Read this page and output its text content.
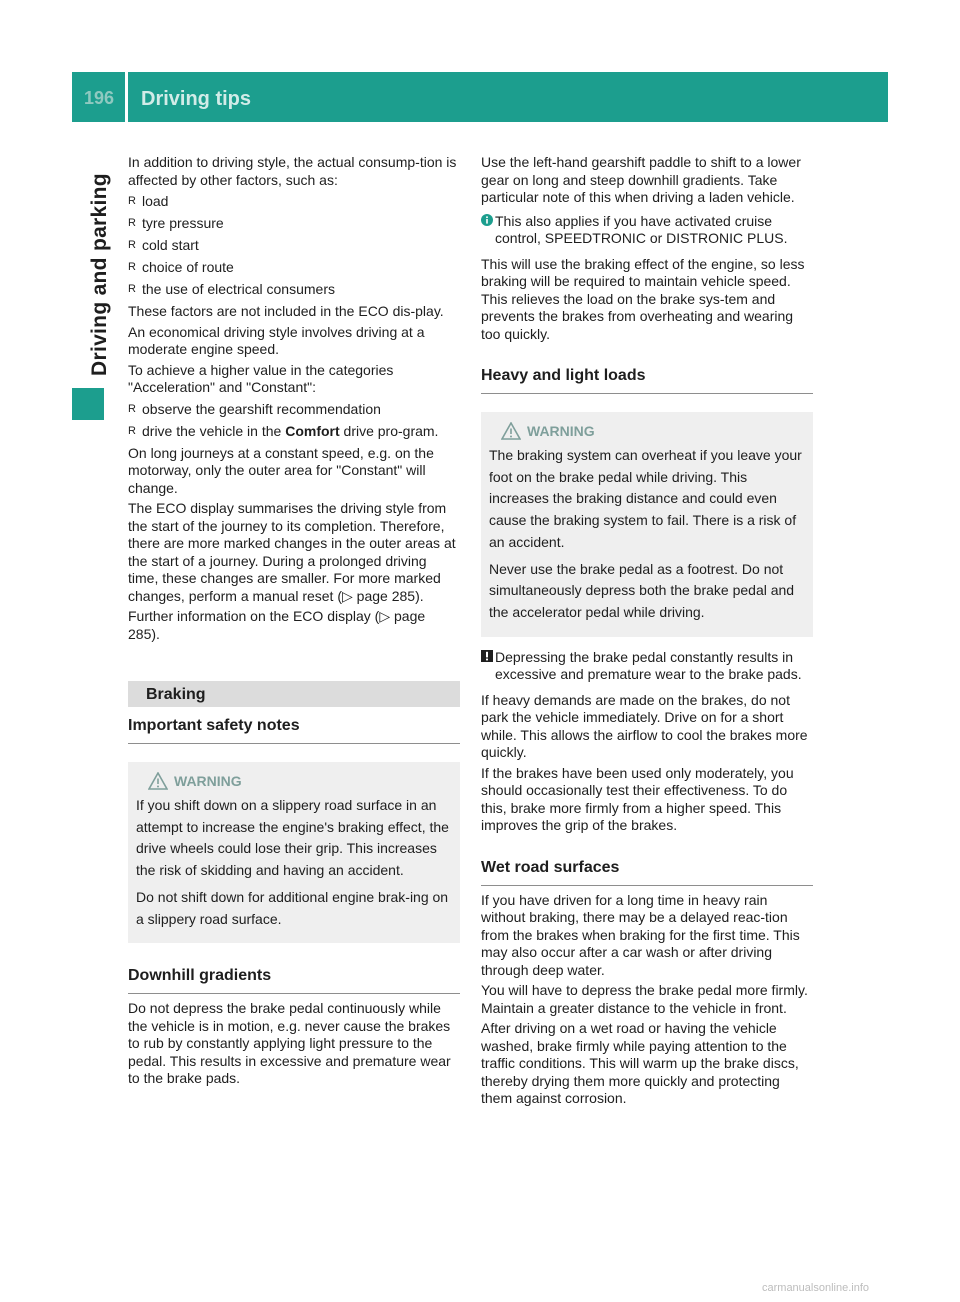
196 Driving tips
Driving and parking

In addition to driving style, the actual consump-tion is affected by other factors, such as:

R load
R tyre pressure
R cold start
R choice of route
R the use of electrical consumers

These factors are not included in the ECO dis-play.

An economical driving style involves driving at a moderate engine speed.

To achieve a higher value in the categories "Acceleration" and "Constant":

R observe the gearshift recommendation
R drive the vehicle in the Comfort drive pro-gram.

On long journeys at a constant speed, e.g. on the motorway, only the outer area for "Constant" will change.

The ECO display summarises the driving style from the start of the journey to its completion. Therefore, there are more marked changes in the outer areas at the start of a journey. During a prolonged driving time, these changes are smaller. For more marked changes, perform a manual reset (▷ page 285).

Further information on the ECO display (▷ page 285).

Braking
Important safety notes
WARNING

If you shift down on a slippery road surface in an attempt to increase the engine's braking effect, the drive wheels could lose their grip. This increases the risk of skidding and having an accident.

Do not shift down for additional engine brak-ing on a slippery road surface.

Downhill gradients

Do not depress the brake pedal continuously while the vehicle is in motion, e.g. never cause the brakes to rub by constantly applying light pressure to the pedal. This results in excessive and premature wear to the brake pads.

Use the left-hand gearshift paddle to shift to a lower gear on long and steep downhill gradients. Take particular note of this when driving a laden vehicle.

This also applies if you have activated cruise control, SPEEDTRONIC or DISTRONIC PLUS.

This will use the braking effect of the engine, so less braking will be required to maintain vehicle speed. This relieves the load on the brake sys-tem and prevents the brakes from overheating and wearing too quickly.

Heavy and light loads
WARNING

The braking system can overheat if you leave your foot on the brake pedal while driving. This increases the braking distance and could even cause the braking system to fail. There is a risk of an accident.

Never use the brake pedal as a footrest. Do not simultaneously depress both the brake pedal and the accelerator pedal while driving.

Depressing the brake pedal constantly results in excessive and premature wear to the brake pads.

If heavy demands are made on the brakes, do not park the vehicle immediately. Drive on for a short while. This allows the airflow to cool the brakes more quickly.

If the brakes have been used only moderately, you should occasionally test their effectiveness. To do this, brake more firmly from a higher speed. This improves the grip of the brakes.

Wet road surfaces

If you have driven for a long time in heavy rain without braking, there may be a delayed reac-tion from the brakes when braking for the first time. This may also occur after a car wash or after driving through deep water.

You will have to depress the brake pedal more firmly. Maintain a greater distance to the vehicle in front.

After driving on a wet road or having the vehicle washed, brake firmly while paying attention to the traffic conditions. This will warm up the brake discs, thereby drying them more quickly and protecting them against corrosion.

carmanualsonline.info
